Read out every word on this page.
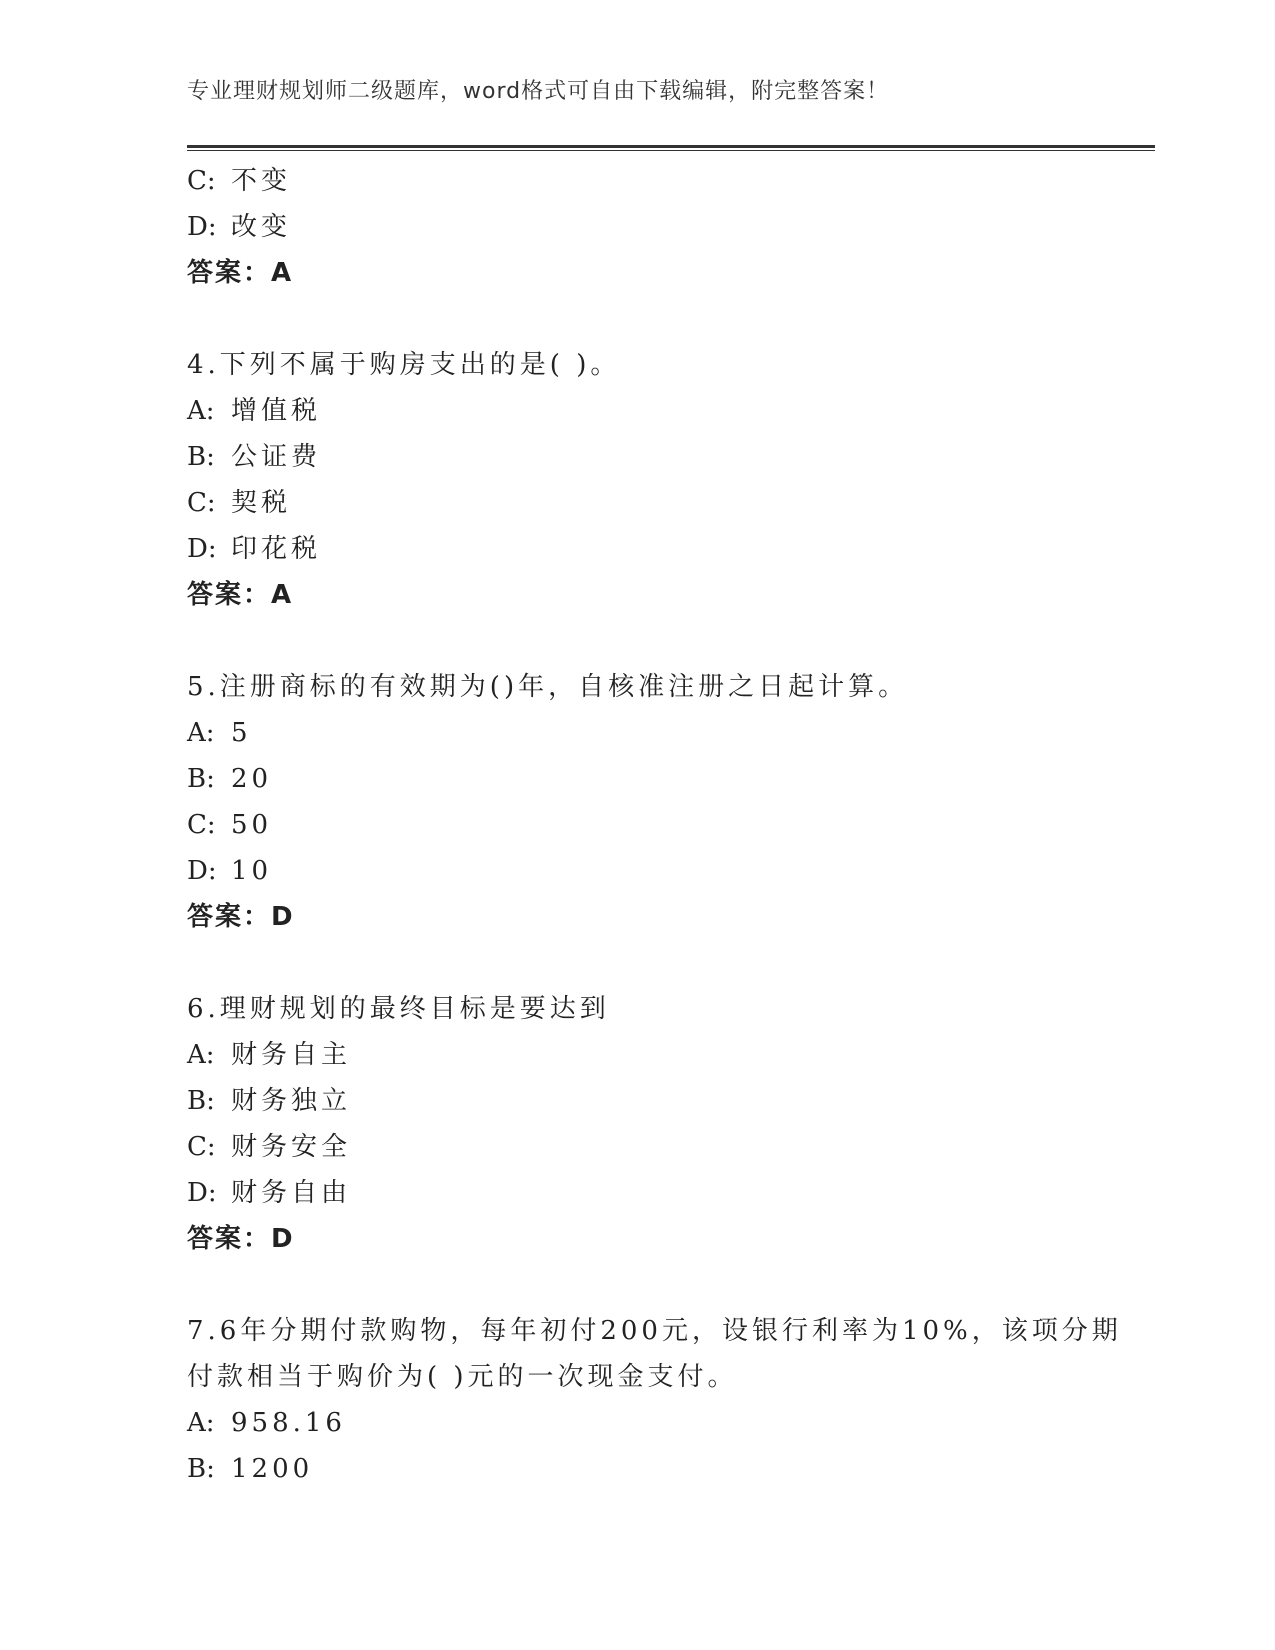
专业理财规划师二级题库，word格式可自由下载编辑，附完整答案！
C: 不变
D: 改变
答案：A
4.下列不属于购房支出的是( )。
A: 增值税
B: 公证费
C: 契税
D: 印花税
答案：A
5.注册商标的有效期为()年，自核准注册之日起计算。
A: 5
B: 20
C: 50
D: 10
答案：D
6.理财规划的最终目标是要达到
A: 财务自主
B: 财务独立
C: 财务安全
D: 财务自由
答案：D
7.6年分期付款购物，每年初付200元，设银行利率为10%，该项分期
付款相当于购价为( )元的一次现金支付。
A: 958.16
B: 1200
